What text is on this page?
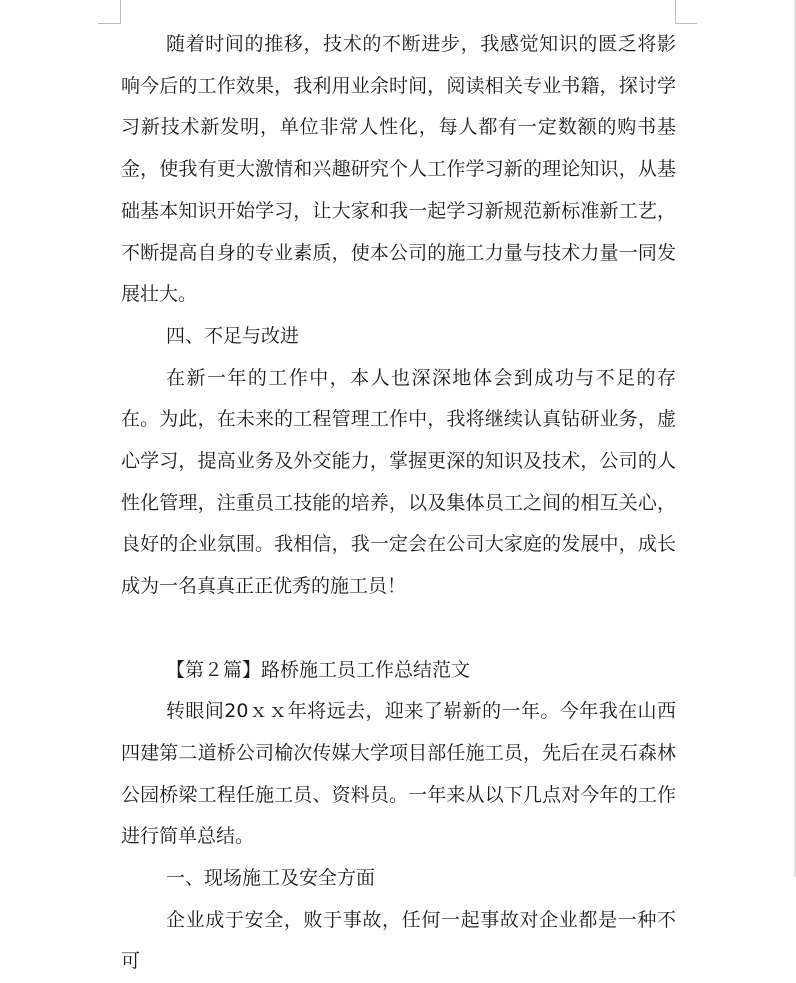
随着时间的推移，技术的不断进步，我感觉知识的匮乏将影响今后的工作效果，我利用业余时间，阅读相关专业书籍，探讨学习新技术新发明，单位非常人性化，每人都有一定数额的购书基金，使我有更大激情和兴趣研究个人工作学习新的理论知识，从基础基本知识开始学习，让大家和我一起学习新规范新标准新工艺，不断提高自身的专业素质，使本公司的施工力量与技术力量一同发展壮大。

四、不足与改进

在新一年的工作中，本人也深深地体会到成功与不足的存在。为此，在未来的工程管理工作中，我将继续认真钻研业务，虚心学习，提高业务及外交能力，掌握更深的知识及技术，公司的人性化管理，注重员工技能的培养，以及集体员工之间的相互关心，良好的企业氛围。我相信，我一定会在公司大家庭的发展中，成长成为一名真真正正优秀的施工员！

【第２篇】路桥施工员工作总结范文

转眼间20ｘｘ年将远去，迎来了崭新的一年。今年我在山西四建第二道桥公司榆次传媒大学项目部任施工员，先后在灵石森林公园桥梁工程任施工员、资料员。一年来从以下几点对今年的工作进行简单总结。

一、现场施工及安全方面

企业成于安全，败于事故，任何一起事故对企业都是一种不可
